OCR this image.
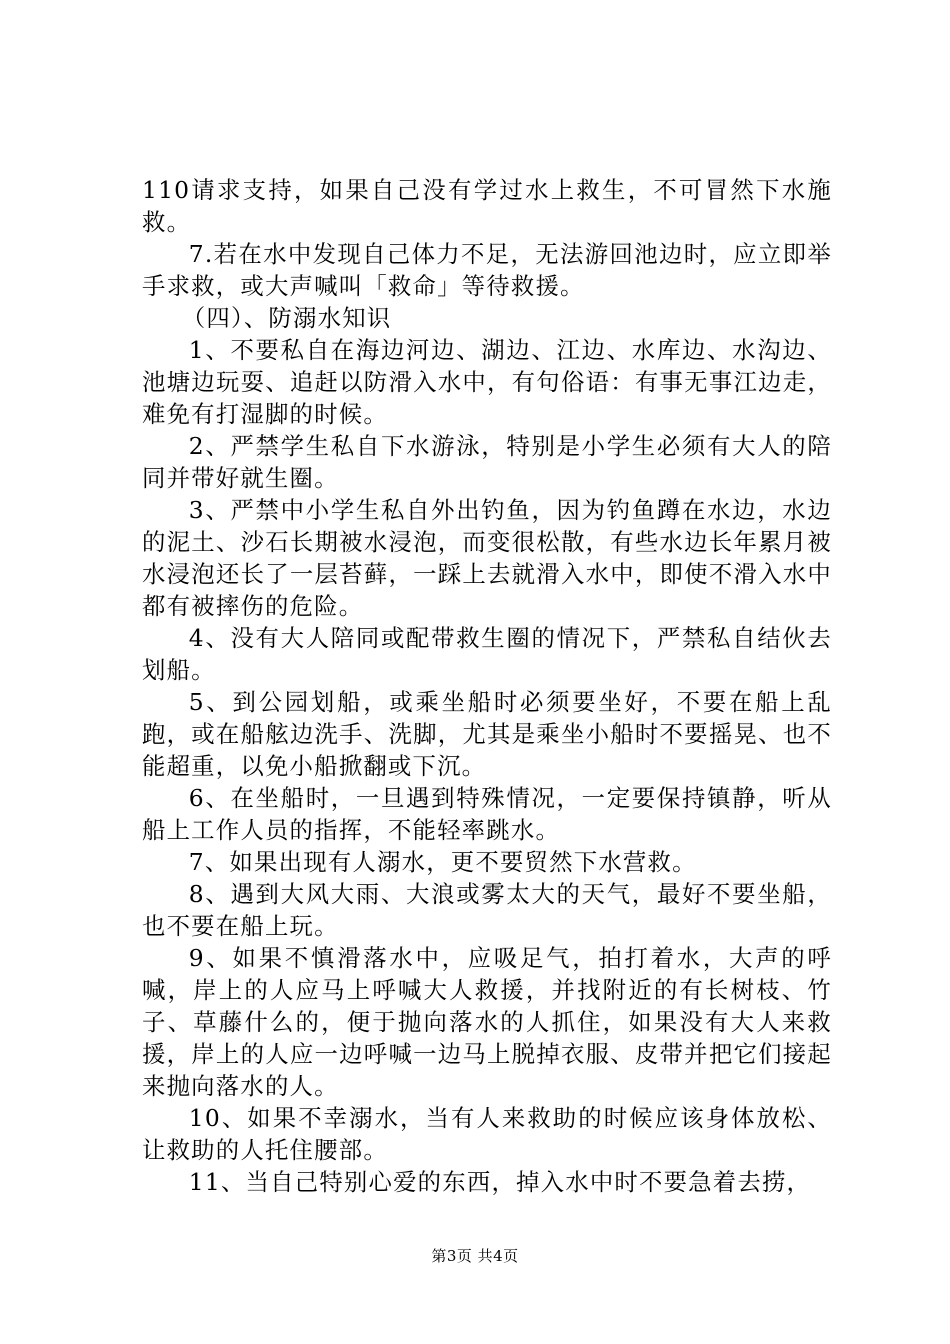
110请求支持，如果自己没有学过水上救生，不可冒然下水施救。

7.若在水中发现自己体力不足，无法游回池边时，应立即举手求救，或大声喊叫「救命」等待救援。

（四）、防溺水知识

1、不要私自在海边河边、湖边、江边、水库边、水沟边、池塘边玩耍、追赶以防滑入水中，有句俗语：有事无事江边走，难免有打湿脚的时候。

2、严禁学生私自下水游泳，特别是小学生必须有大人的陪同并带好就生圈。

3、严禁中小学生私自外出钓鱼，因为钓鱼蹲在水边，水边的泥土、沙石长期被水浸泡，而变很松散，有些水边长年累月被水浸泡还长了一层苔藓，一踩上去就滑入水中，即使不滑入水中都有被摔伤的危险。

4、没有大人陪同或配带救生圈的情况下，严禁私自结伙去划船。

5、到公园划船，或乘坐船时必须要坐好，不要在船上乱跑，或在船舷边洗手、洗脚，尤其是乘坐小船时不要摇晃、也不能超重，以免小船掀翻或下沉。

6、在坐船时，一旦遇到特殊情况，一定要保持镇静，听从船上工作人员的指挥，不能轻率跳水。

7、如果出现有人溺水，更不要贸然下水营救。

8、遇到大风大雨、大浪或雾太大的天气，最好不要坐船，也不要在船上玩。

9、如果不慎滑落水中，应吸足气，拍打着水，大声的呼喊，岸上的人应马上呼喊大人救援，并找附近的有长树枝、竹子、草藤什么的，便于抛向落水的人抓住，如果没有大人来救援，岸上的人应一边呼喊一边马上脱掉衣服、皮带并把它们接起来抛向落水的人。

10、如果不幸溺水，当有人来救助的时候应该身体放松、让救助的人托住腰部。

11、当自己特别心爱的东西，掉入水中时不要急着去捞，

第3页 共4页
